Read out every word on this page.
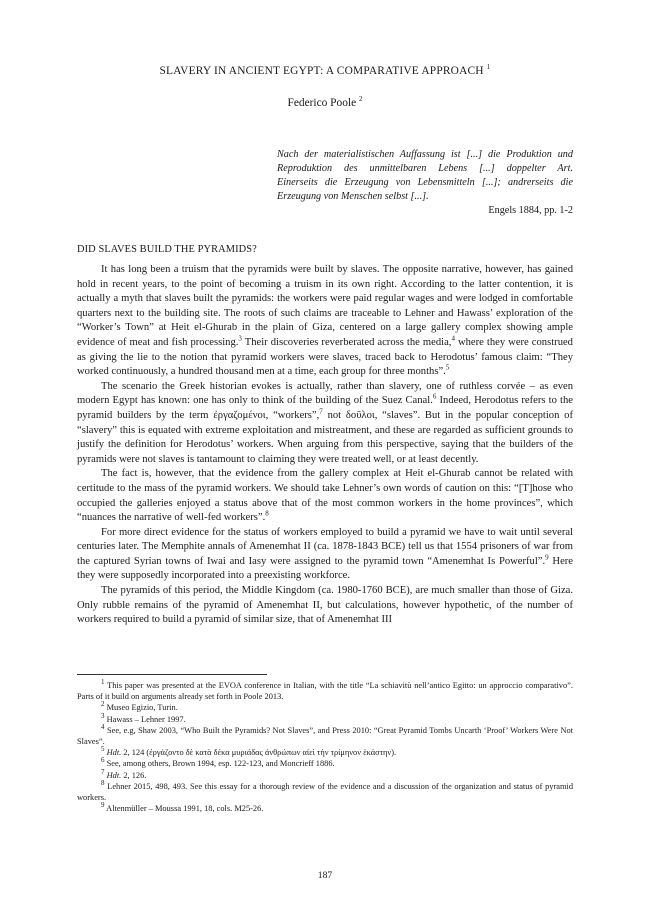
SLAVERY IN ANCIENT EGYPT: A COMPARATIVE APPROACH $^1$
Federico Poole $^2$
Nach der materialistischen Auffassung ist [...] die Produktion und
Reproduktion des unmittelbaren Lebens [...] doppelter Art.
Einerseits die Erzeugung von Lebensmitteln [...]; andrerseits die
Erzeugung von Menschen selbst [...].
Engels 1884, pp. 1-2
DID SLAVES BUILD THE PYRAMIDS?

It has long been a truism that the pyramids were built by slaves. The opposite narrative, however, has gained hold in recent years, to the point of becoming a truism in its own right. According to the latter contention, it is actually a myth that slaves built the pyramids: the workers were paid regular wages and were lodged in comfortable quarters next to the building site. The roots of such claims are traceable to Lehner and Hawass’ exploration of the “Worker’s Town” at Heit el-Ghurab in the plain of Giza, centered on a large gallery complex showing ample evidence of meat and fish processing.$^3$ Their discoveries reverberated across the media,$^4$ where they were construed as giving the lie to the notion that pyramid workers were slaves, traced back to Herodotus’ famous claim: “They worked continuously, a hundred thousand men at a time, each group for three months”.$^5$

The scenario the Greek historian evokes is actually, rather than slavery, one of ruthless corvée – as even modern Egypt has known: one has only to think of the building of the Suez Canal.$^6$ Indeed, Herodotus refers to the pyramid builders by the term ἐργαζομένοι, “workers”,$^7$ not δοῦλοι, “slaves”. But in the popular conception of “slavery” this is equated with extreme exploitation and mistreatment, and these are regarded as sufficient grounds to justify the definition for Herodotus’ workers. When arguing from this perspective, saying that the builders of the pyramids were not slaves is tantamount to claiming they were treated well, or at least decently.

The fact is, however, that the evidence from the gallery complex at Heit el-Ghurab cannot be related with certitude to the mass of the pyramid workers. We should take Lehner’s own words of caution on this: “[T]hose who occupied the galleries enjoyed a status above that of the most common workers in the home provinces”, which “nuances the narrative of well-fed workers”.$^8$

For more direct evidence for the status of workers employed to build a pyramid we have to wait until several centuries later. The Memphite annals of Amenemhat II (ca. 1878-1843 BCE) tell us that 1554 prisoners of war from the captured Syrian towns of Iwai and Iasy were assigned to the pyramid town “Amenemhat Is Powerful”.$^9$ Here they were supposedly incorporated into a preexisting workforce.

The pyramids of this period, the Middle Kingdom (ca. 1980-1760 BCE), are much smaller than those of Giza. Only rubble remains of the pyramid of Amenemhat II, but calculations, however hypothetic, of the number of workers required to build a pyramid of similar size, that of Amenemhat III

$^1$ This paper was presented at the EVOA conference in Italian, with the title “La schiavitù nell’antico Egitto: un approccio comparativo”. Parts of it build on arguments already set forth in Poole 2013.
$^2$ Museo Egizio, Turin.
$^3$ Hawass – Lehner 1997.
$^4$ See, e.g, Shaw 2003, “Who Built the Pyramids? Not Slaves”, and Press 2010: “Great Pyramid Tombs Uncarth ‘Proof’ Workers Were Not Slaves”.
$^5$ Hdt. 2, 124 (ἐργάζοντο δὲ κατὰ δέκα μυριάδας ἀνθρώπων αἰεὶ τὴν τρίμηνον ἑκάστην).
$^6$ See, among others, Brown 1994, esp. 122-123, and Moncrieff 1886.
$^7$ Hdt. 2, 126.
$^8$ Lehner 2015, 498, 493. See this essay for a thorough review of the evidence and a discussion of the organization and status of pyramid workers.
$^9$ Altenmüller – Moussa 1991, 18, cols. M25-26.
187
